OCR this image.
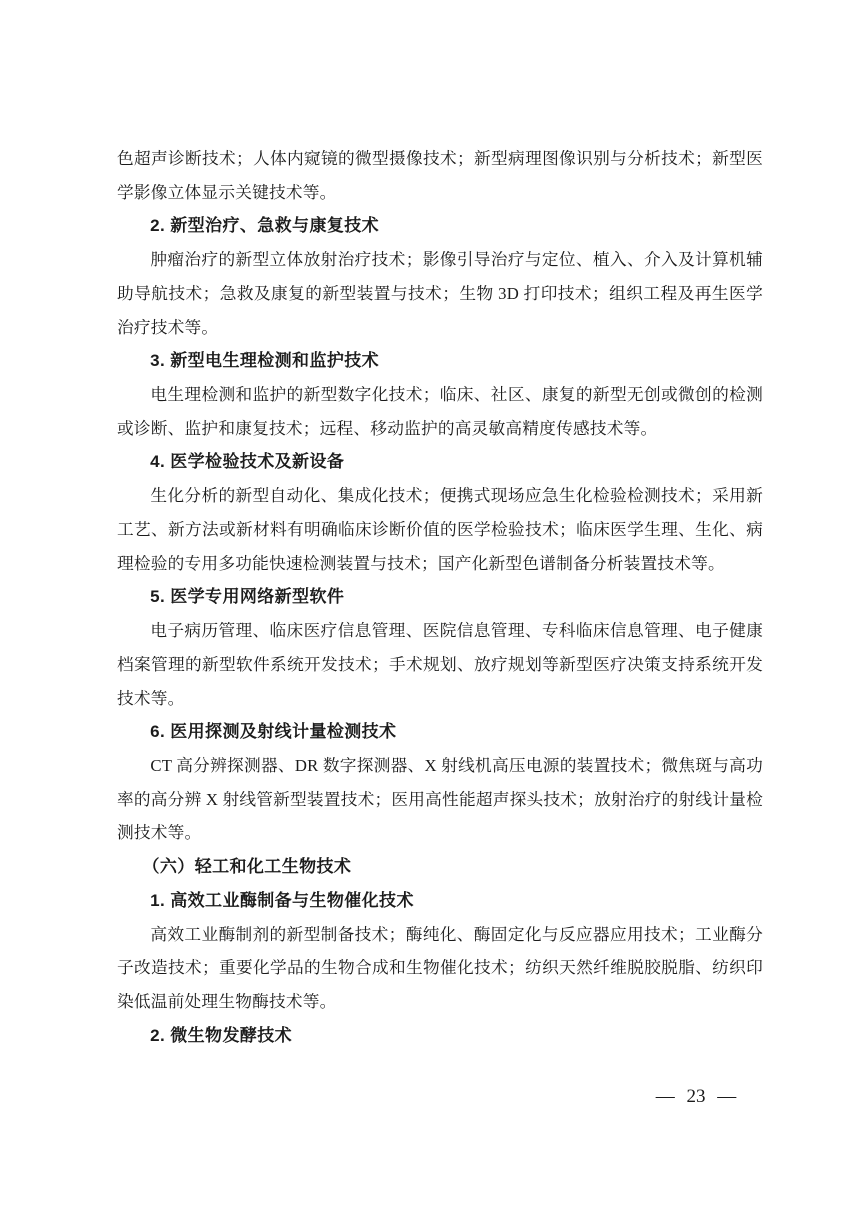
色超声诊断技术；人体内窥镜的微型摄像技术；新型病理图像识别与分析技术；新型医
学影像立体显示关键技术等。
2. 新型治疗、急救与康复技术
肿瘤治疗的新型立体放射治疗技术；影像引导治疗与定位、植入、介入及计算机辅
助导航技术；急救及康复的新型装置与技术；生物 3D 打印技术；组织工程及再生医学
治疗技术等。
3. 新型电生理检测和监护技术
电生理检测和监护的新型数字化技术；临床、社区、康复的新型无创或微创的检测
或诊断、监护和康复技术；远程、移动监护的高灵敏高精度传感技术等。
4. 医学检验技术及新设备
生化分析的新型自动化、集成化技术；便携式现场应急生化检验检测技术；采用新
工艺、新方法或新材料有明确临床诊断价值的医学检验技术；临床医学生理、生化、病
理检验的专用多功能快速检测装置与技术；国产化新型色谱制备分析装置技术等。
5. 医学专用网络新型软件
电子病历管理、临床医疗信息管理、医院信息管理、专科临床信息管理、电子健康
档案管理的新型软件系统开发技术；手术规划、放疗规划等新型医疗决策支持系统开发
技术等。
6. 医用探测及射线计量检测技术
CT 高分辨探测器、DR 数字探测器、X 射线机高压电源的装置技术；微焦斑与高功
率的高分辨 X 射线管新型装置技术；医用高性能超声探头技术；放射治疗的射线计量检
测技术等。
（六）轻工和化工生物技术
1. 高效工业酶制备与生物催化技术
高效工业酶制剂的新型制备技术；酶纯化、酶固定化与反应器应用技术；工业酶分
子改造技术；重要化学品的生物合成和生物催化技术；纺织天然纤维脱胶脱脂、纺织印
染低温前处理生物酶技术等。
2. 微生物发酵技术
— 23 —
